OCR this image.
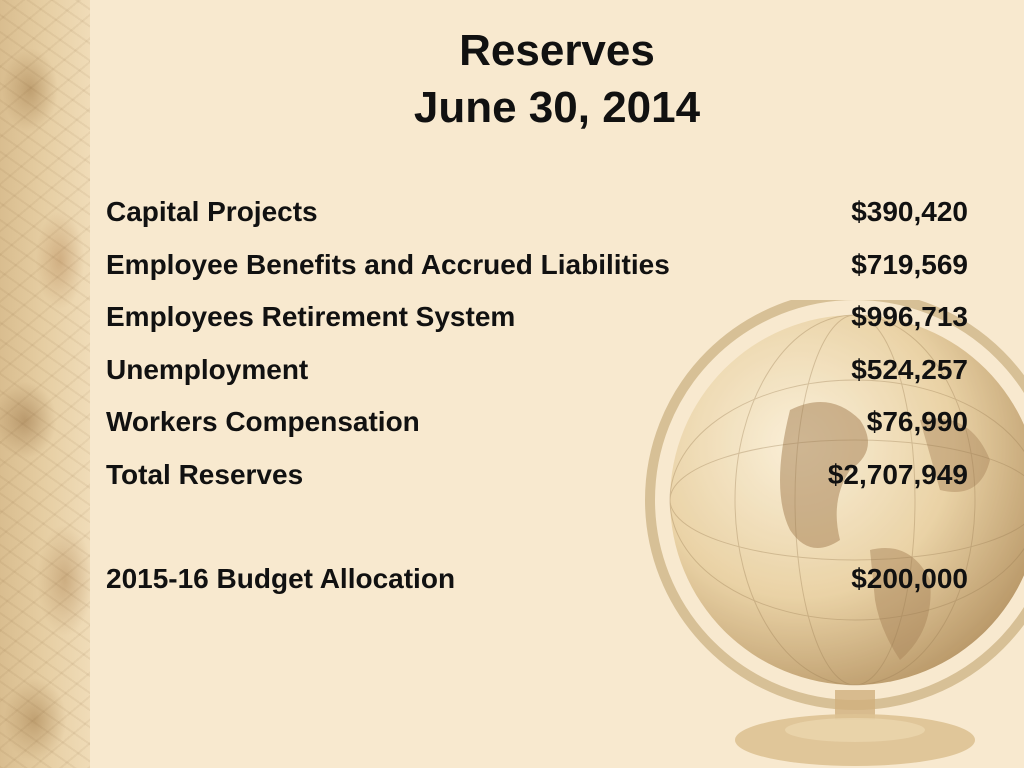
Reserves
June 30, 2014
Capital Projects	$390,420
Employee Benefits and Accrued Liabilities	$719,569
Employees Retirement System	$996,713
Unemployment	$524,257
Workers Compensation	$76,990
Total Reserves	$2,707,949
2015-16 Budget Allocation	$200,000
